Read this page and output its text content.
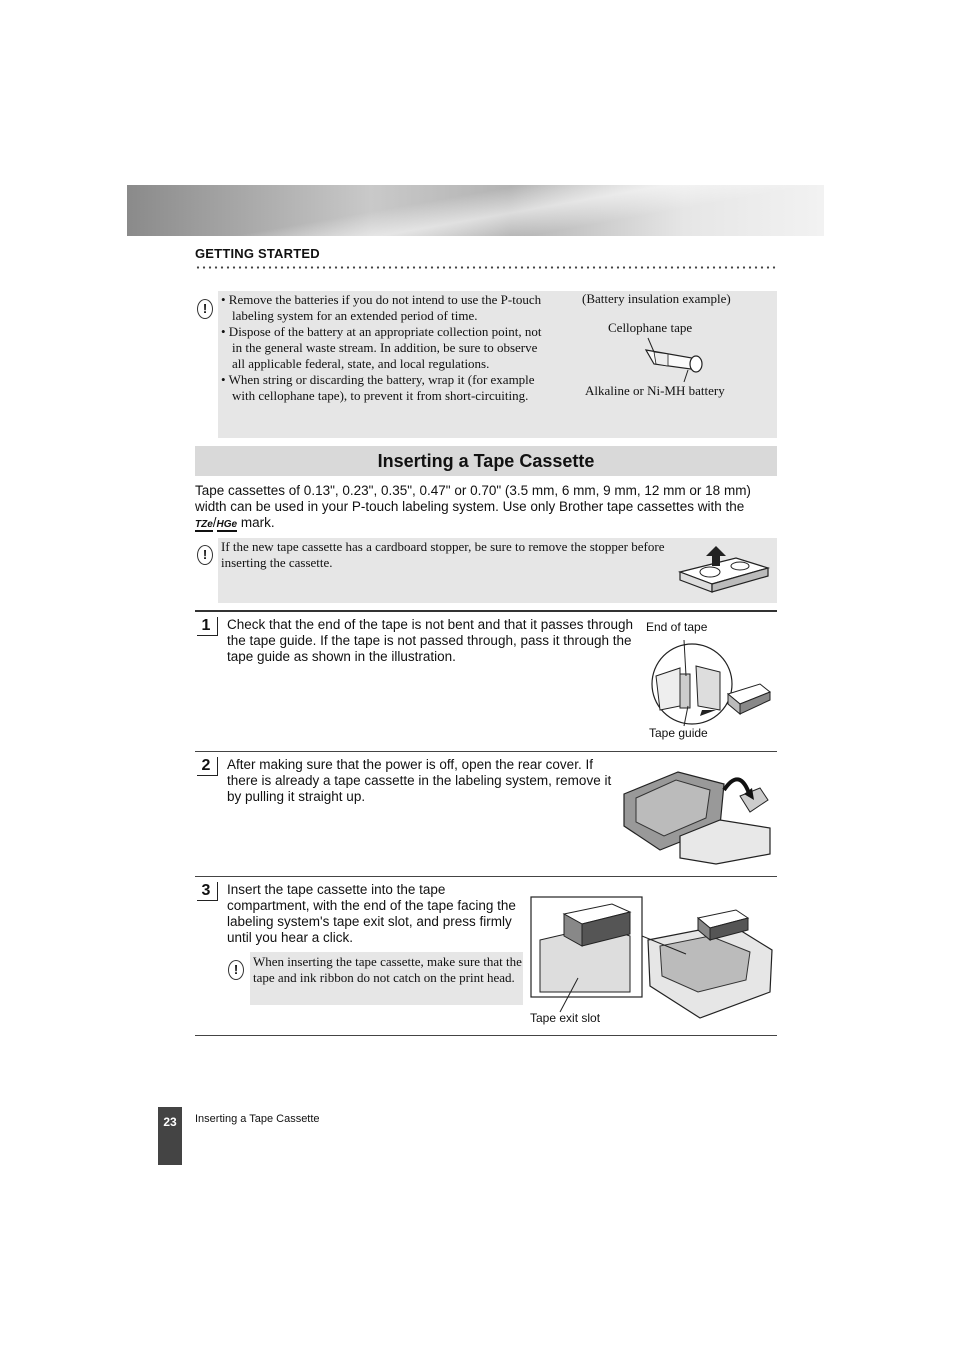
GETTING STARTED
!
• Remove the batteries if you do not intend to use the P-touch labeling system for an extended period of time.
• Dispose of the battery at an appropriate collection point, not in the general waste stream. In addition, be sure to observe all applicable federal, state, and local regulations.
• When string or discarding the battery, wrap it (for example with cellophane tape), to prevent it from short-circuiting.
(Battery insulation example)
Cellophane tape
Alkaline or Ni-MH battery
Inserting a Tape Cassette
Tape cassettes of 0.13", 0.23", 0.35", 0.47" or 0.70" (3.5 mm, 6 mm, 9 mm, 12 mm or 18 mm)
width can be used in your P-touch labeling system. Use only Brother tape cassettes with the
TZe/HGe mark.
!
If the new tape cassette has a cardboard stopper, be sure to remove the stopper before inserting the cassette.
1	Check that the end of the tape is not bent and that it passes through the tape guide. If the tape is not passed through, pass it through the tape guide as shown in the illustration.
End of tape
Tape guide
2	After making sure that the power is off, open the rear cover. If there is already a tape cassette in the labeling system, remove it by pulling it straight up.
3	Insert the tape cassette into the tape compartment, with the end of the tape facing the labeling system's tape exit slot, and press firmly until you hear a click.
!
When inserting the tape cassette, make sure that the tape and ink ribbon do not catch on the print head.
Tape exit slot
23	Inserting a Tape Cassette
